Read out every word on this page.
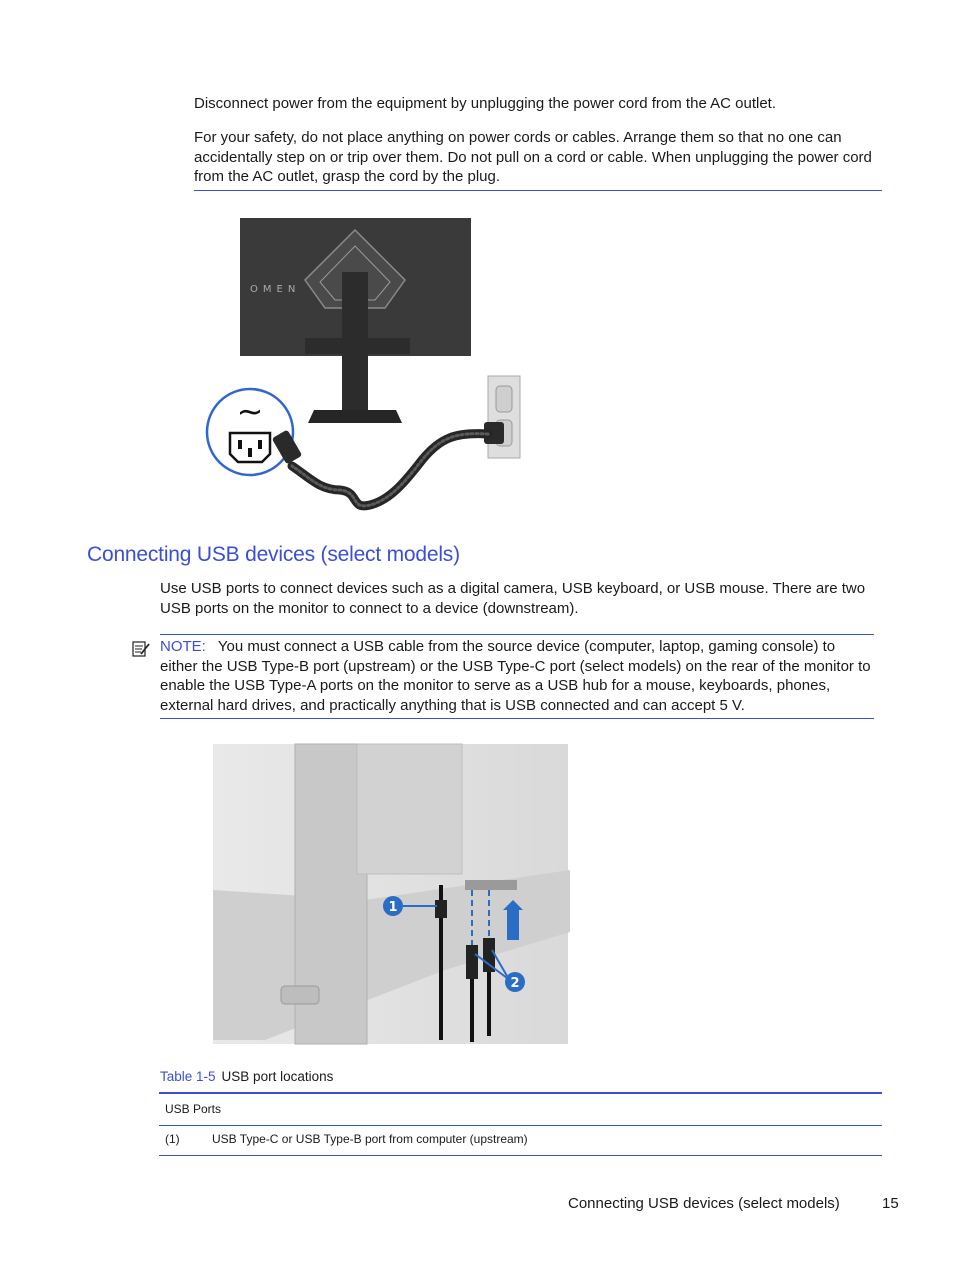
Disconnect power from the equipment by unplugging the power cord from the AC outlet.

For your safety, do not place anything on power cords or cables. Arrange them so that no one can accidentally step on or trip over them. Do not pull on a cord or cable. When unplugging the power cord from the AC outlet, grasp the cord by the plug.

OMEN
~
Connecting USB devices (select models)

Use USB ports to connect devices such as a digital camera, USB keyboard, or USB mouse. There are two USB ports on the monitor to connect to a device (downstream).

NOTE: You must connect a USB cable from the source device (computer, laptop, gaming console) to either the USB Type-B port (upstream) or the USB Type-C port (select models) on the rear of the monitor to enable the USB Type-A ports on the monitor to serve as a USB hub for a mouse, keyboards, phones, external hard drives, and practically anything that is USB connected and can accept 5 V.

1
2
Table 1-5 USB port locations
USB Ports
(1)	USB Type-C or USB Type-B port from computer (upstream)
Connecting USB devices (select models)	15
